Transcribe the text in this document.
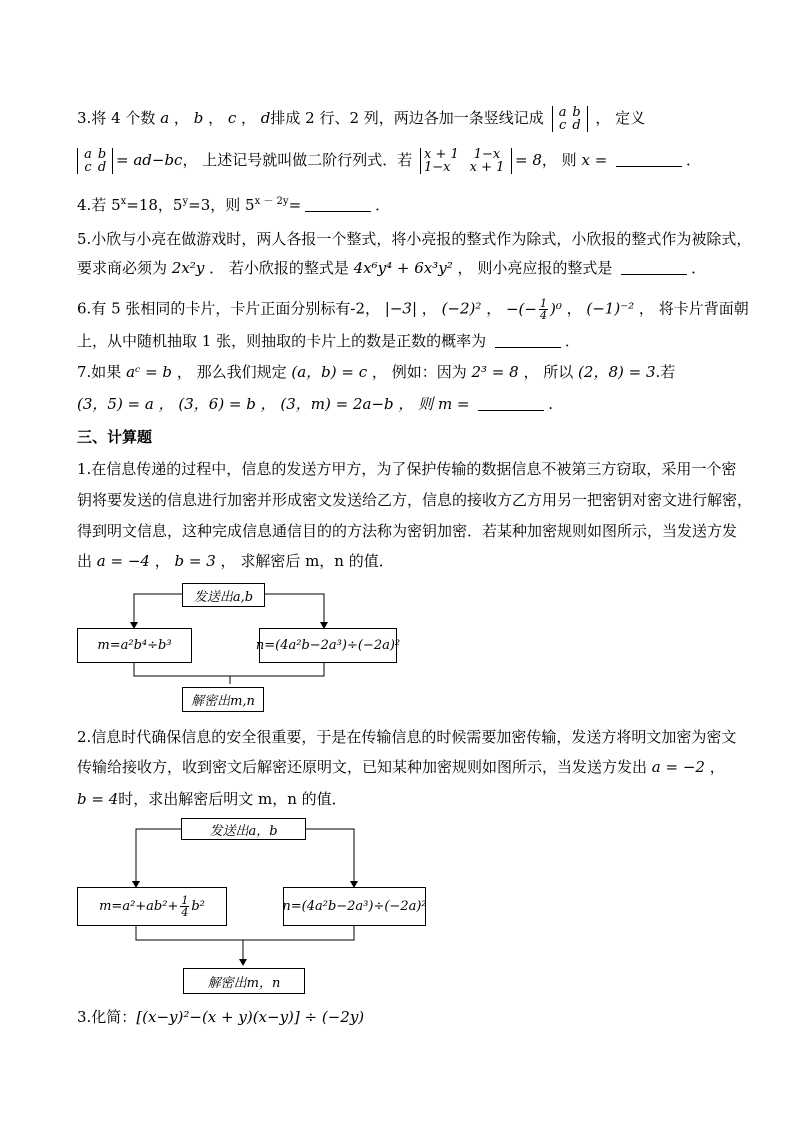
3.将 4 个数 a ， b ， c ， d排成 2 行、2 列，两边各加一条竖线记成 a b
c d ， 定义
a b
c d = ad−bc， 上述记号就叫做二阶行列式．若 x + 1 1−x
1−x x + 1 = 8， 则 x =	．
4.若 $5^x=18$，$5^y=3$，则 $5^{x - 2y}=$	．
5.小欣与小亮在做游戏时，两人各报一个整式，将小亮报的整式作为除式，小欣报的整式作为被除式，
要求商必须为 2x²y ． 若小欣报的整式是 4x⁶y⁴ + 6x³y² ， 则小亮应报的整式是	．
6.有 5 张相同的卡片，卡片正面分别标有-2， |−3| ， (−2)² ， −(− $\frac{1}{4} )^0$ ， (−1)⁻² ， 将卡片背面朝
上，从中随机抽取 1 张，则抽取的卡片上的数是正数的概率为	．
7.如果 aᶜ = b ， 那么我们规定 (a，b) = c ， 例如：因为 2³ = 8 ， 所以 (2，8) = 3.若
(3，5) = a ， (3，6) = b ， (3，m) = 2a−b ， 则 m =	.
三、计算题
1.在信息传递的过程中，信息的发送方甲方，为了保护传输的数据信息不被第三方窃取，采用一个密
钥将要发送的信息进行加密并形成密文发送给乙方，信息的接收方乙方用另一把密钥对密文进行解密，
得到明文信息，这种完成信息通信目的的方法称为密钥加密．若某种加密规则如图所示，当发送方发
出 a = −4 ， b = 3 ， 求解密后 m，n 的值．
发送出a,b
m=a²b⁴÷b³	n=(4a²b−2a³)÷(−2a)²
解密出m,n
2.信息时代确保信息的安全很重要，于是在传输信息的时候需要加密传输，发送方将明文加密为密文
传输给接收方，收到密文后解密还原明文，已知某种加密规则如图所示，当发送方发出 a = −2 ，
b = 4时，求出解密后明文 m，n 的值．
发送出a，b
$m=a^2+ab^2+ \frac{1}{4} b^2$	n=(4a²b−2a³)÷(−2a)²
解密出m，n
3.化简：[(x−y)²−(x + y)(x−y)] ÷ (−2y)
